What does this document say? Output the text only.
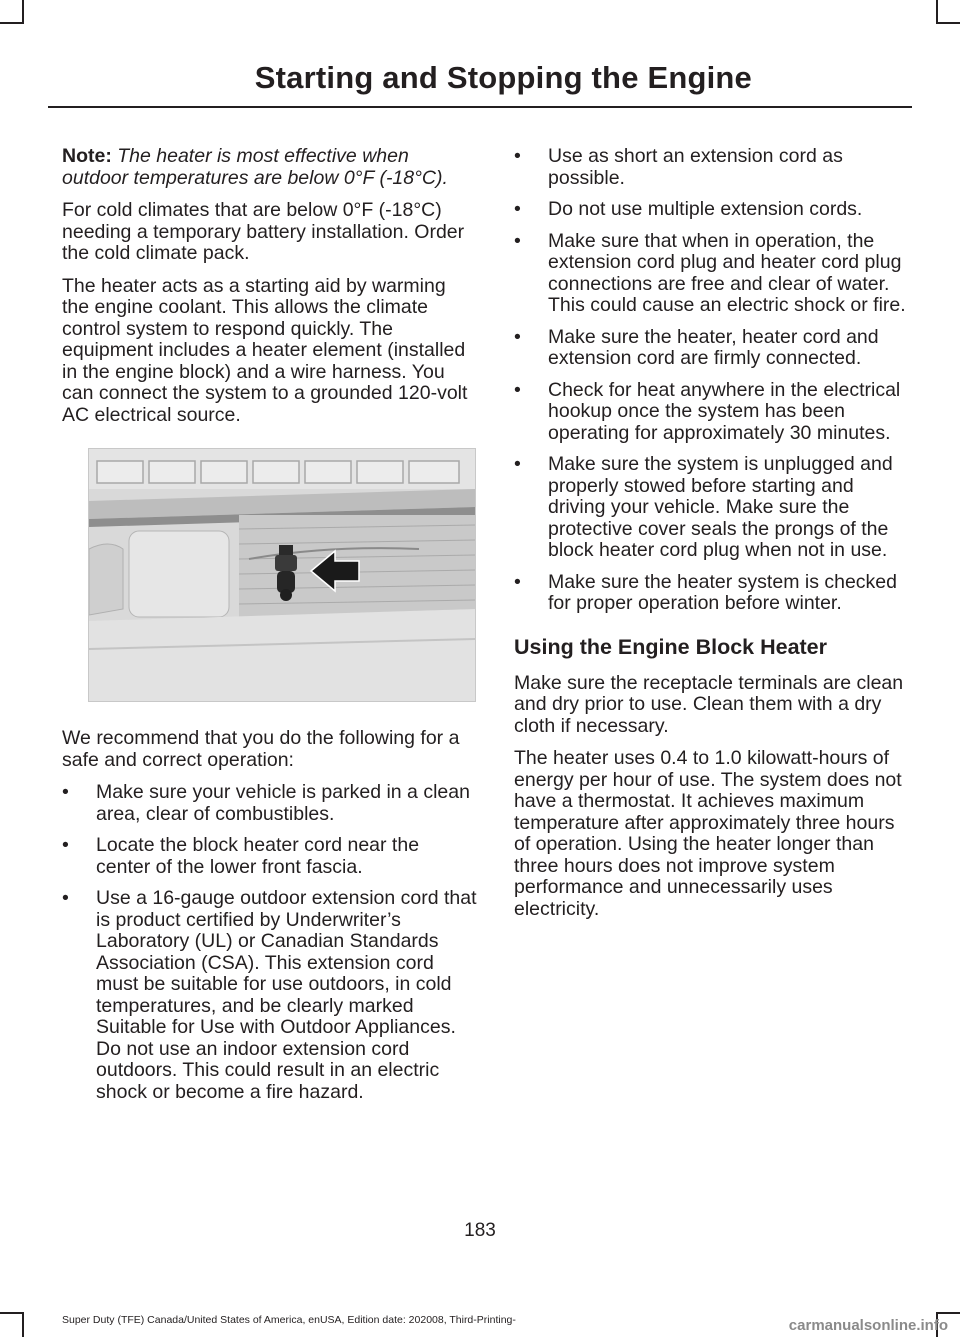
Starting and Stopping the Engine

Note: The heater is most effective when outdoor temperatures are below 0°F (-18°C).

For cold climates that are below 0°F (-18°C) needing a temporary battery installation. Order the cold climate pack.

The heater acts as a starting aid by warming the engine coolant. This allows the climate control system to respond quickly. The equipment includes a heater element (installed in the engine block) and a wire harness. You can connect the system to a grounded 120-volt AC electrical source.

We recommend that you do the following for a safe and correct operation:

• Make sure your vehicle is parked in a clean area, clear of combustibles.
• Locate the block heater cord near the center of the lower front fascia.
• Use a 16-gauge outdoor extension cord that is product certified by Underwriter’s Laboratory (UL) or Canadian Standards Association (CSA). This extension cord must be suitable for use outdoors, in cold temperatures, and be clearly marked Suitable for Use with Outdoor Appliances. Do not use an indoor extension cord outdoors. This could result in an electric shock or become a fire hazard.
• Use as short an extension cord as possible.
• Do not use multiple extension cords.
• Make sure that when in operation, the extension cord plug and heater cord plug connections are free and clear of water. This could cause an electric shock or fire.
• Make sure the heater, heater cord and extension cord are firmly connected.
• Check for heat anywhere in the electrical hookup once the system has been operating for approximately 30 minutes.
• Make sure the system is unplugged and properly stowed before starting and driving your vehicle. Make sure the protective cover seals the prongs of the block heater cord plug when not in use.
• Make sure the heater system is checked for proper operation before winter.
Using the Engine Block Heater

Make sure the receptacle terminals are clean and dry prior to use. Clean them with a dry cloth if necessary.

The heater uses 0.4 to 1.0 kilowatt-hours of energy per hour of use. The system does not have a thermostat. It achieves maximum temperature after approximately three hours of operation. Using the heater longer than three hours does not improve system performance and unnecessarily uses electricity.

183
Super Duty (TFE) Canada/United States of America, enUSA, Edition date: 202008, Third-Printing-	carmanualsonline.info
